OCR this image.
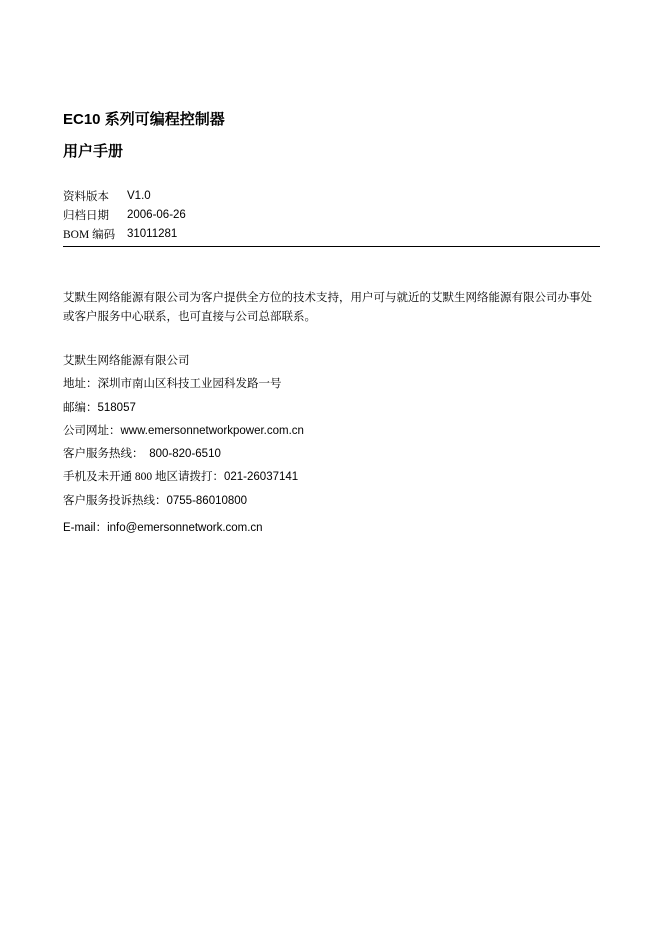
EC10 系列可编程控制器
用户手册
资料版本	V1.0
归档日期	2006-06-26
BOM 编码	31011281
艾默生网络能源有限公司为客户提供全方位的技术支持，用户可与就近的艾默生网络能源有限公司办事处或客户服务中心联系，也可直接与公司总部联系。
艾默生网络能源有限公司
地址：深圳市南山区科技工业园科发路一号
邮编：518057
公司网址：www.emersonnetworkpower.com.cn
客户服务热线： 800-820-6510
手机及未开通 800 地区请拨打：021-26037141
客户服务投诉热线：0755-86010800
E-mail：info@emersonnetwork.com.cn
